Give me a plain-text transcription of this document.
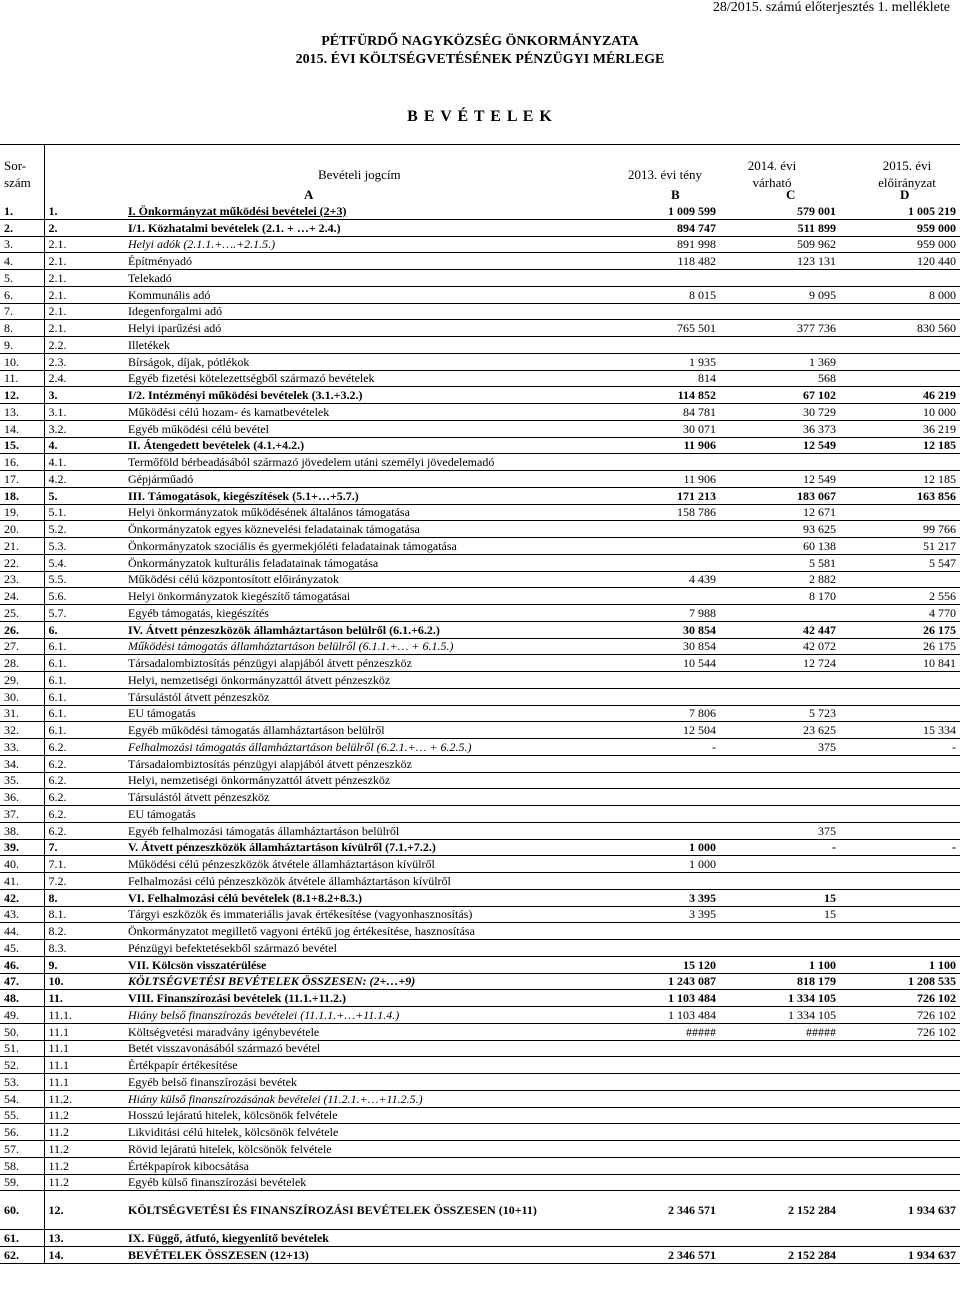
28/2015. számú előterjesztés 1. melléklete
PÉTFÜRDŐ NAGYKÖZSÉG ÖNKORMÁNYZATA
2015. ÉVI KÖLTSÉGVETÉSÉNEK PÉNZÜGYI MÉRLEGE
B E V É T E L E K
Sor-
szám
Bevételi jogcím	2013. évi tény
2014. évi
várható
2015. évi
előirányzat
A	B	C	D
1.	1.	I. Önkormányzat működési bevételei (2+3)	1 009 599	579 001	1 005 219
2.	2.	I/1. Közhatalmi bevételek (2.1. + …+ 2.4.)	894 747	511 899	959 000
3.	2.1.	Helyi adók (2.1.1.+….+2.1.5.)	891 998	509 962	959 000
4.	2.1.	Építményadó	118 482	123 131	120 440
5.	2.1.	Telekadó			
6.	2.1.	Kommunális adó	8 015	9 095	8 000
7.	2.1.	Idegenforgalmi adó			
8.	2.1.	Helyi iparűzési adó	765 501	377 736	830 560
9.	2.2.	Illetékek			
10.	2.3.	Bírságok, díjak, pótlékok	1 935	1 369	
11.	2.4.	Egyéb fizetési kötelezettségből származó bevételek	814	568	
12.	3.	I/2. Intézményi működési bevételek (3.1.+3.2.)	114 852	67 102	46 219
13.	3.1.	Működési célú hozam- és kamatbevételek	84 781	30 729	10 000
14.	3.2.	Egyéb működési célú bevétel	30 071	36 373	36 219
15.	4.	II. Átengedett bevételek (4.1.+4.2.)	11 906	12 549	12 185
16.	4.1.	Termőföld bérbeadásából származó jövedelem utáni személyi jövedelemadó			
17.	4.2.	Gépjárműadó	11 906	12 549	12 185
18.	5.	III. Támogatások, kiegészítések (5.1+…+5.7.)	171 213	183 067	163 856
19.	5.1.	Helyi önkormányzatok működésének általános támogatása	158 786	12 671	
20.	5.2.	Önkormányzatok egyes köznevelési feladatainak támogatása		93 625	99 766
21.	5.3.	Önkormányzatok szociális és gyermekjóléti feladatainak támogatása		60 138	51 217
22.	5.4.	Önkormányzatok kulturális feladatainak támogatása		5 581	5 547
23.	5.5.	Működési célú központosított előirányzatok	4 439	2 882	
24.	5.6.	Helyi önkormányzatok kiegészítő támogatásai		8 170	2 556
25.	5.7.	Egyéb támogatás, kiegészítés	7 988		4 770
26.	6.	IV. Átvett pénzeszközök államháztartáson belülről (6.1.+6.2.)	30 854	42 447	26 175
27.	6.1.	Működési támogatás államháztartáson belülről (6.1.1.+… + 6.1.5.)	30 854	42 072	26 175
28.	6.1.	Társadalombiztosítás pénzügyi alapjából átvett pénzeszköz	10 544	12 724	10 841
29.	6.1.	Helyi, nemzetiségi önkormányzattól átvett pénzeszköz			
30.	6.1.	Társulástól átvett pénzeszköz			
31.	6.1.	EU támogatás	7 806	5 723	
32.	6.1.	Egyéb működési támogatás államháztartáson belülről	12 504	23 625	15 334
33.	6.2.	Felhalmozási támogatás államháztartáson belülről (6.2.1.+… + 6.2.5.)	-	375	-
34.	6.2.	Társadalombiztosítás pénzügyi alapjából átvett pénzeszköz			
35.	6.2.	Helyi, nemzetiségi önkormányzattól átvett pénzeszköz			
36.	6.2.	Társulástól átvett pénzeszköz			
37.	6.2.	EU támogatás			
38.	6.2.	Egyéb felhalmozási támogatás államháztartáson belülről		375	
39.	7.	V. Átvett pénzeszközök államháztartáson kívülről (7.1.+7.2.)	1 000	-	-
40.	7.1.	Működési célú pénzeszközök átvétele államháztartáson kívülről	1 000		
41.	7.2.	Felhalmozási célú pénzeszközök átvétele államháztartáson kívülről			
42.	8.	VI. Felhalmozási célú bevételek (8.1+8.2+8.3.)	3 395	15	
43.	8.1.	Tárgyi eszközök és immateriális javak értékesítése (vagyonhasznosítás)	3 395	15	
44.	8.2.	Önkormányzatot megillető vagyoni értékű jog értékesítése, hasznosítása			
45.	8.3.	Pénzügyi befektetésekből származó bevétel			
46.	9.	VII. Kölcsön visszatérülése	15 120	1 100	1 100
47.	10.	KÖLTSÉGVETÉSI BEVÉTELEK ÖSSZESEN: (2+…+9)	1 243 087	818 179	1 208 535
48.	11.	VIII. Finanszírozási bevételek (11.1.+11.2.)	1 103 484	1 334 105	726 102
49.	11.1.	Hiány belső finanszírozás bevételei (11.1.1.+…+11.1.4.)	1 103 484	1 334 105	726 102
50.	11.1	Költségvetési maradvány igénybevétele	#####	#####	726 102
51.	11.1	Betét visszavonásából származó bevétel			
52.	11.1	Értékpapír értékesítése			
53.	11.1	Egyéb belső finanszírozási bevétek			
54.	11.2.	Hiány külső finanszírozásának bevételei (11.2.1.+…+11.2.5.)			
55.	11.2	Hosszú lejáratú hitelek, kölcsönök felvétele			
56.	11.2	Likviditási célú hitelek, kölcsönök felvétele			
57.	11.2	Rövid lejáratú hitelek, kölcsönök felvétele			
58.	11.2	Értékpapírok kibocsátása			
59.	11.2	Egyéb külső finanszírozási bevételek			
60.	12.	KÖLTSÉGVETÉSI ÉS FINANSZÍROZÁSI BEVÉTELEK ÖSSZESEN (10+11)	2 346 571	2 152 284	1 934 637
61.	13.	IX. Függő, átfutó, kiegyenlítő bevételek			
62.	14.	BEVÉTELEK ÖSSZESEN (12+13)	2 346 571	2 152 284	1 934 637
